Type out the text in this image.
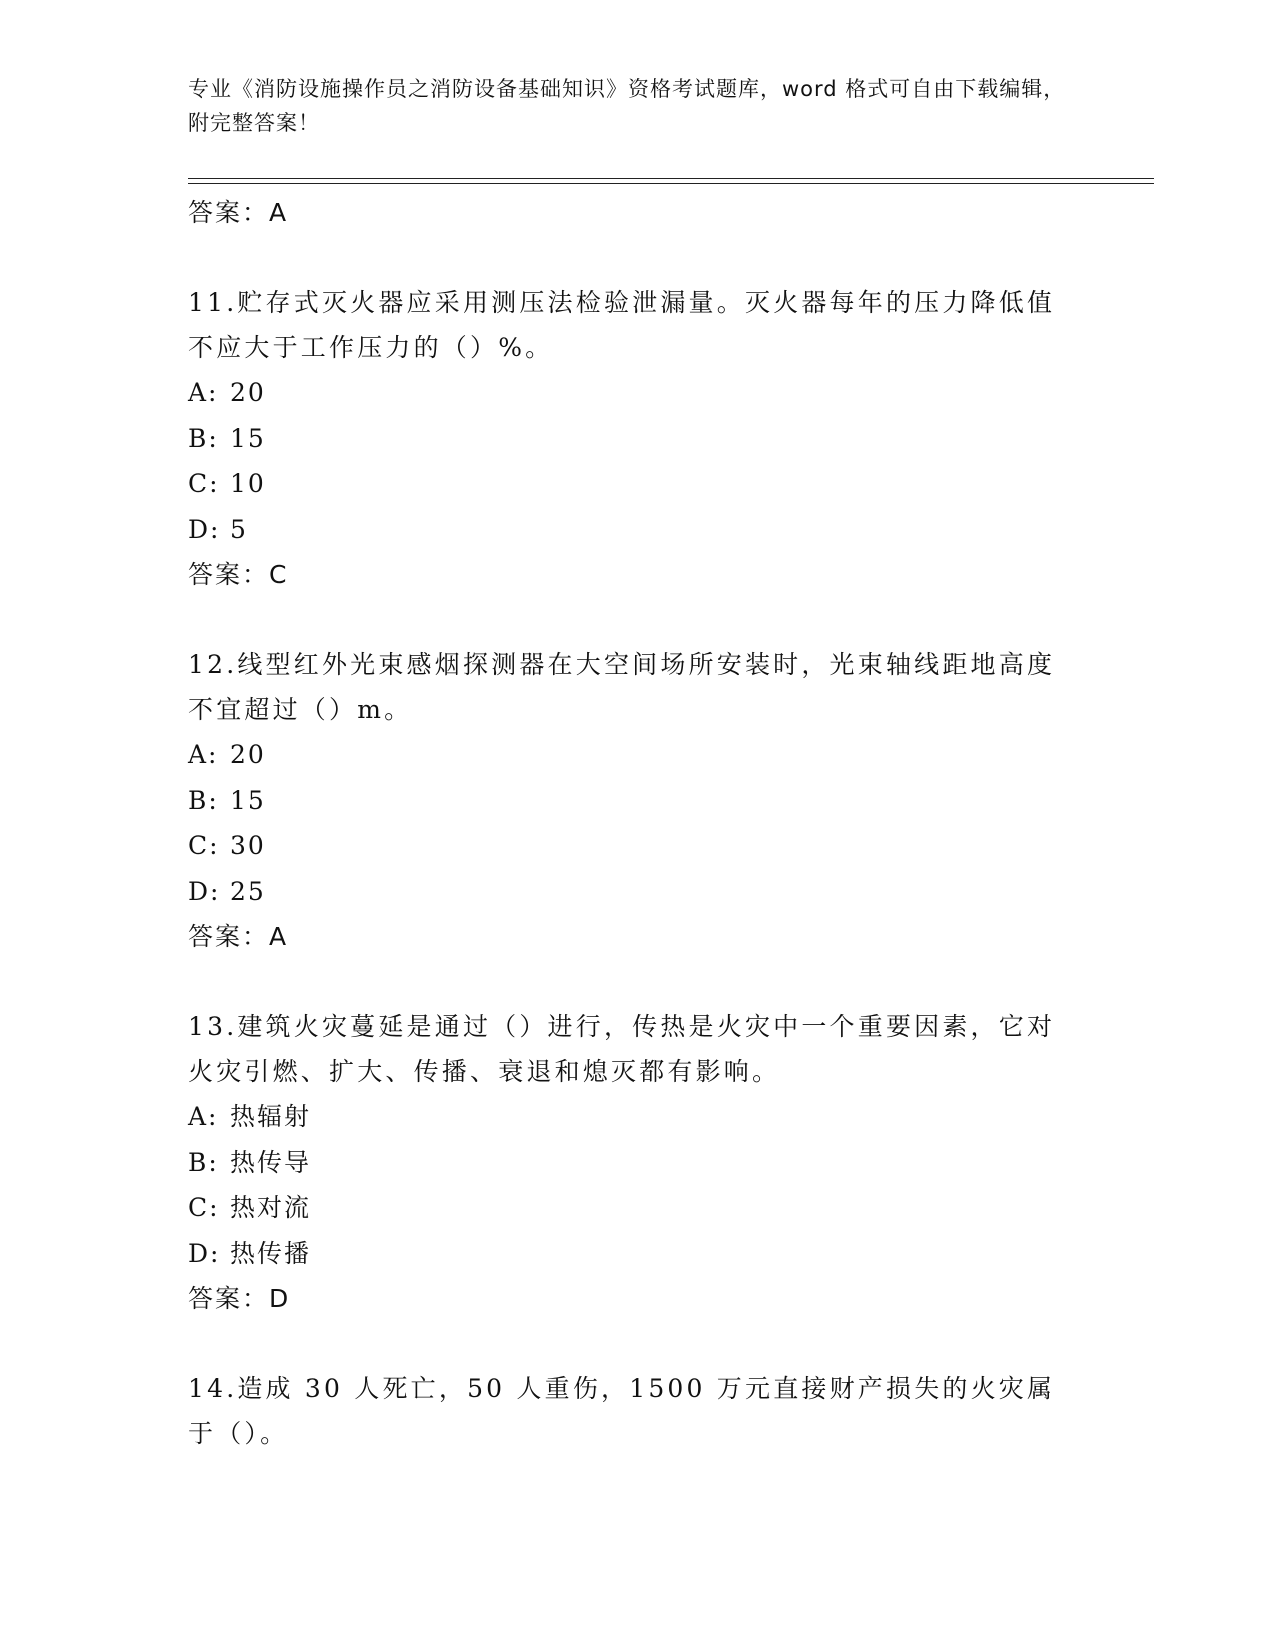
专业《消防设施操作员之消防设备基础知识》资格考试题库，word 格式可自由下载编辑，附完整答案！
答案：A
11.贮存式灭火器应采用测压法检验泄漏量。灭火器每年的压力降低值不应大于工作压力的（）%。
A: 20
B: 15
C: 10
D: 5
答案：C
12.线型红外光束感烟探测器在大空间场所安装时，光束轴线距地高度不宜超过（）m。
A: 20
B: 15
C: 30
D: 25
答案：A
13.建筑火灾蔓延是通过（）进行，传热是火灾中一个重要因素，它对火灾引燃、扩大、传播、衰退和熄灭都有影响。
A: 热辐射
B: 热传导
C: 热对流
D: 热传播
答案：D
14.造成 30 人死亡，50 人重伤，1500 万元直接财产损失的火灾属于（）。
